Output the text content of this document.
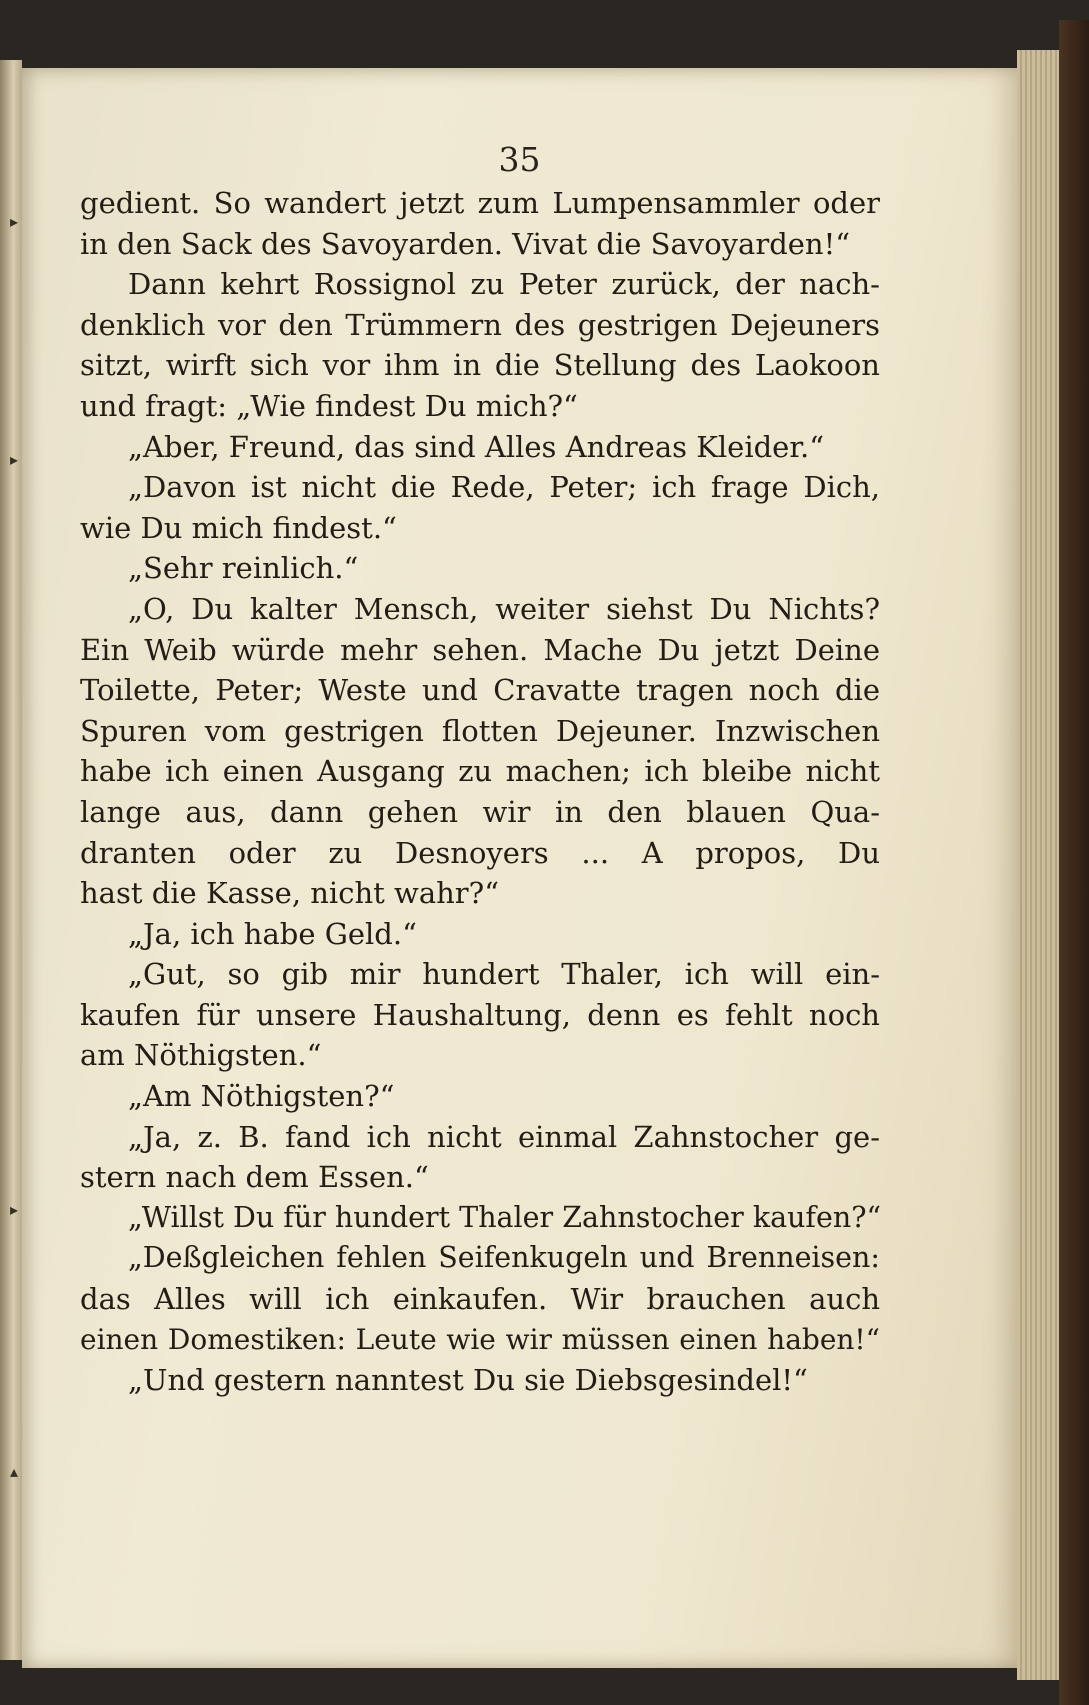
▸
▸
▸
▴
35
gedient. So wandert jetzt zum Lumpensammler oder
in den Sack des Savoyarden. Vivat die Savoyarden!“
Dann kehrt Rossignol zu Peter zurück, der nach-
denklich vor den Trümmern des gestrigen Dejeuners
sitzt, wirft sich vor ihm in die Stellung des Laokoon
und fragt: „Wie findest Du mich?“
„Aber, Freund, das sind Alles Andreas Kleider.“
„Davon ist nicht die Rede, Peter; ich frage Dich,
wie Du mich findest.“
„Sehr reinlich.“
„O, Du kalter Mensch, weiter siehst Du Nichts?
Ein Weib würde mehr sehen. Mache Du jetzt Deine
Toilette, Peter; Weste und Cravatte tragen noch die
Spuren vom gestrigen flotten Dejeuner. Inzwischen
habe ich einen Ausgang zu machen; ich bleibe nicht
lange aus, dann gehen wir in den blauen Qua-
dranten oder zu Desnoyers ... A propos, Du
hast die Kasse, nicht wahr?“
„Ja, ich habe Geld.“
„Gut, so gib mir hundert Thaler, ich will ein-
kaufen für unsere Haushaltung, denn es fehlt noch
am Nöthigsten.“
„Am Nöthigsten?“
„Ja, z. B. fand ich nicht einmal Zahnstocher ge-
stern nach dem Essen.“
„Willst Du für hundert Thaler Zahnstocher kaufen?“
„Deßgleichen fehlen Seifenkugeln und Brenneisen:
das Alles will ich einkaufen. Wir brauchen auch
einen Domestiken: Leute wie wir müssen einen haben!“
„Und gestern nanntest Du sie Diebsgesindel!“
